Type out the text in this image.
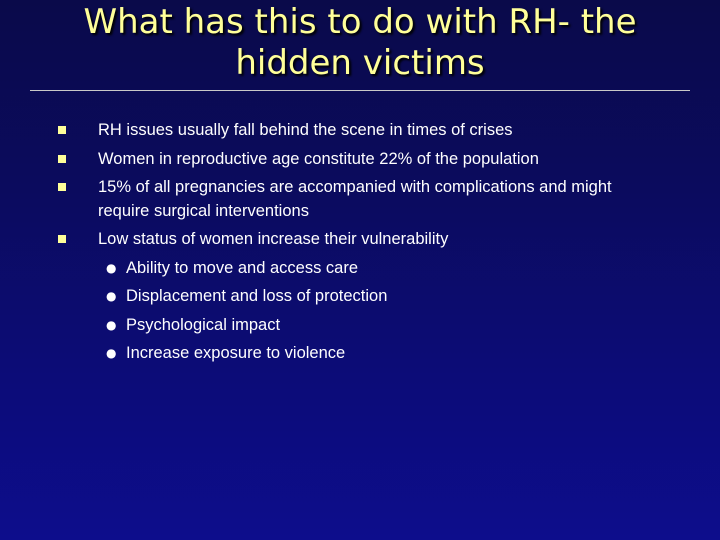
What has this to do with RH- the hidden victims
RH issues usually fall behind the scene in times of crises
Women in reproductive age constitute 22% of the population
15% of all pregnancies are accompanied with complications and might require surgical interventions
Low status of women increase their vulnerability
● Ability to move and access care
● Displacement and loss of protection
● Psychological impact
● Increase exposure to violence
